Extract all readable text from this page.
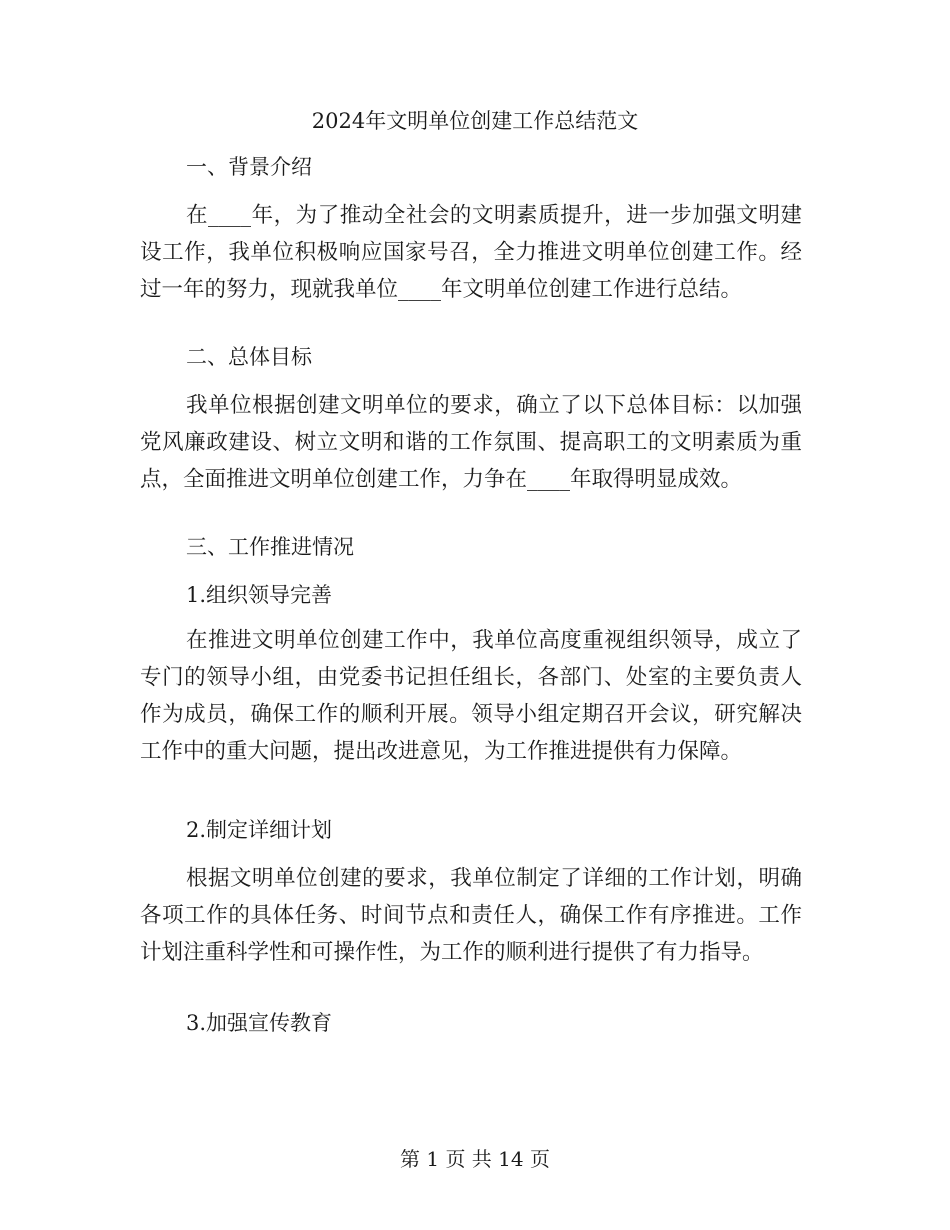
2024年文明单位创建工作总结范文
一、背景介绍
在____年，为了推动全社会的文明素质提升，进一步加强文明建
设工作，我单位积极响应国家号召，全力推进文明单位创建工作。经
过一年的努力，现就我单位____年文明单位创建工作进行总结。
二、总体目标
我单位根据创建文明单位的要求，确立了以下总体目标：以加强
党风廉政建设、树立文明和谐的工作氛围、提高职工的文明素质为重
点，全面推进文明单位创建工作，力争在____年取得明显成效。
三、工作推进情况
1.组织领导完善
在推进文明单位创建工作中，我单位高度重视组织领导，成立了
专门的领导小组，由党委书记担任组长，各部门、处室的主要负责人
作为成员，确保工作的顺利开展。领导小组定期召开会议，研究解决
工作中的重大问题，提出改进意见，为工作推进提供有力保障。
2.制定详细计划
根据文明单位创建的要求，我单位制定了详细的工作计划，明确
各项工作的具体任务、时间节点和责任人，确保工作有序推进。工作
计划注重科学性和可操作性，为工作的顺利进行提供了有力指导。
3.加强宣传教育
第 1 页 共 14 页
